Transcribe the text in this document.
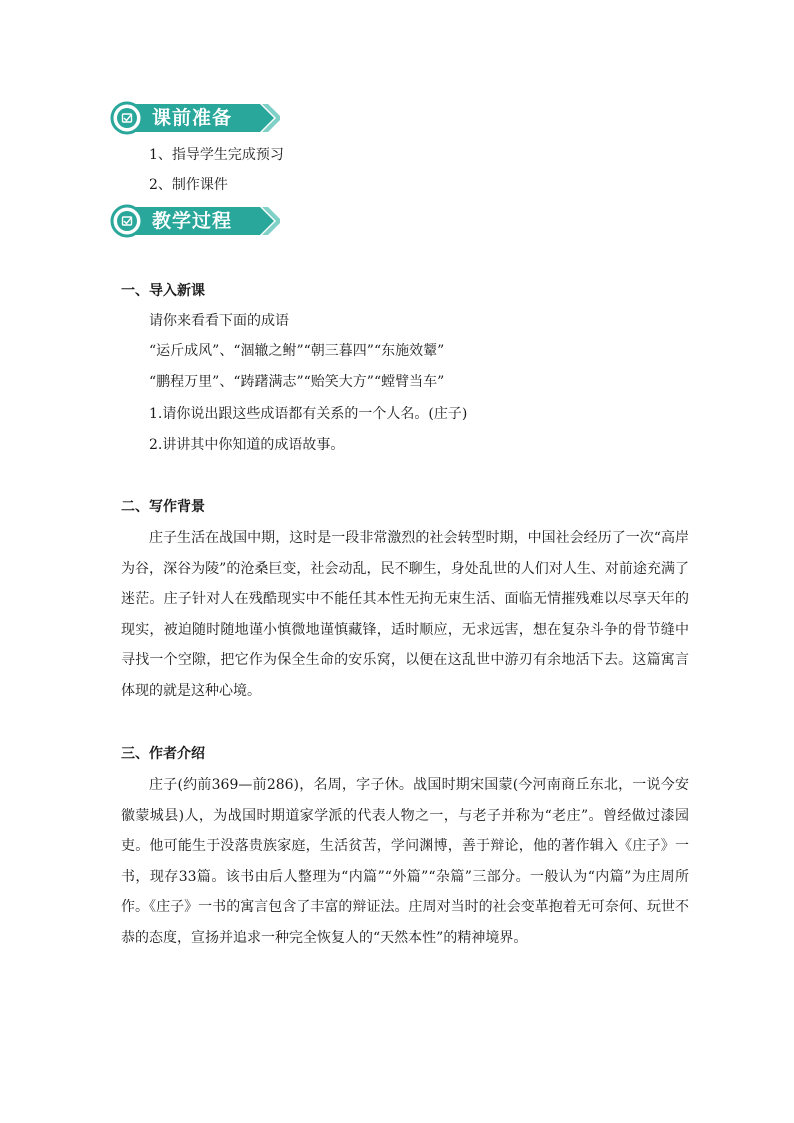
课前准备
1、指导学生完成预习
2、制作课件
教学过程
一、导入新课
请你来看看下面的成语
“运斤成风”、“涸辙之鲋”“朝三暮四”“东施效颦”
“鹏程万里”、“踌躇满志”“贻笑大方”“螳臂当车”
1.请你说出跟这些成语都有关系的一个人名。(庄子)
2.讲讲其中你知道的成语故事。
二、写作背景
庄子生活在战国中期，这时是一段非常激烈的社会转型时期，中国社会经历了一次“高岸为谷，深谷为陵”的沧桑巨变，社会动乱，民不聊生，身处乱世的人们对人生、对前途充满了迷茫。庄子针对人在残酷现实中不能任其本性无拘无束生活、面临无情摧残难以尽享天年的现实，被迫随时随地谨小慎微地谨慎藏锋，适时顺应，无求远害，想在复杂斗争的骨节缝中寻找一个空隙，把它作为保全生命的安乐窝，以便在这乱世中游刃有余地活下去。这篇寓言体现的就是这种心境。
三、作者介绍
庄子(约前369—前286)，名周，字子休。战国时期宋国蒙(今河南商丘东北，一说今安徽蒙城县)人，为战国时期道家学派的代表人物之一，与老子并称为“老庄”。曾经做过漆园吏。他可能生于没落贵族家庭，生活贫苦，学问渊博，善于辩论，他的著作辑入《庄子》一书，现存33篇。该书由后人整理为“内篇”“外篇”“杂篇”三部分。一般认为“内篇”为庄周所作。《庄子》一书的寓言包含了丰富的辩证法。庄周对当时的社会变革抱着无可奈何、玩世不恭的态度，宣扬并追求一种完全恢复人的“天然本性”的精神境界。
